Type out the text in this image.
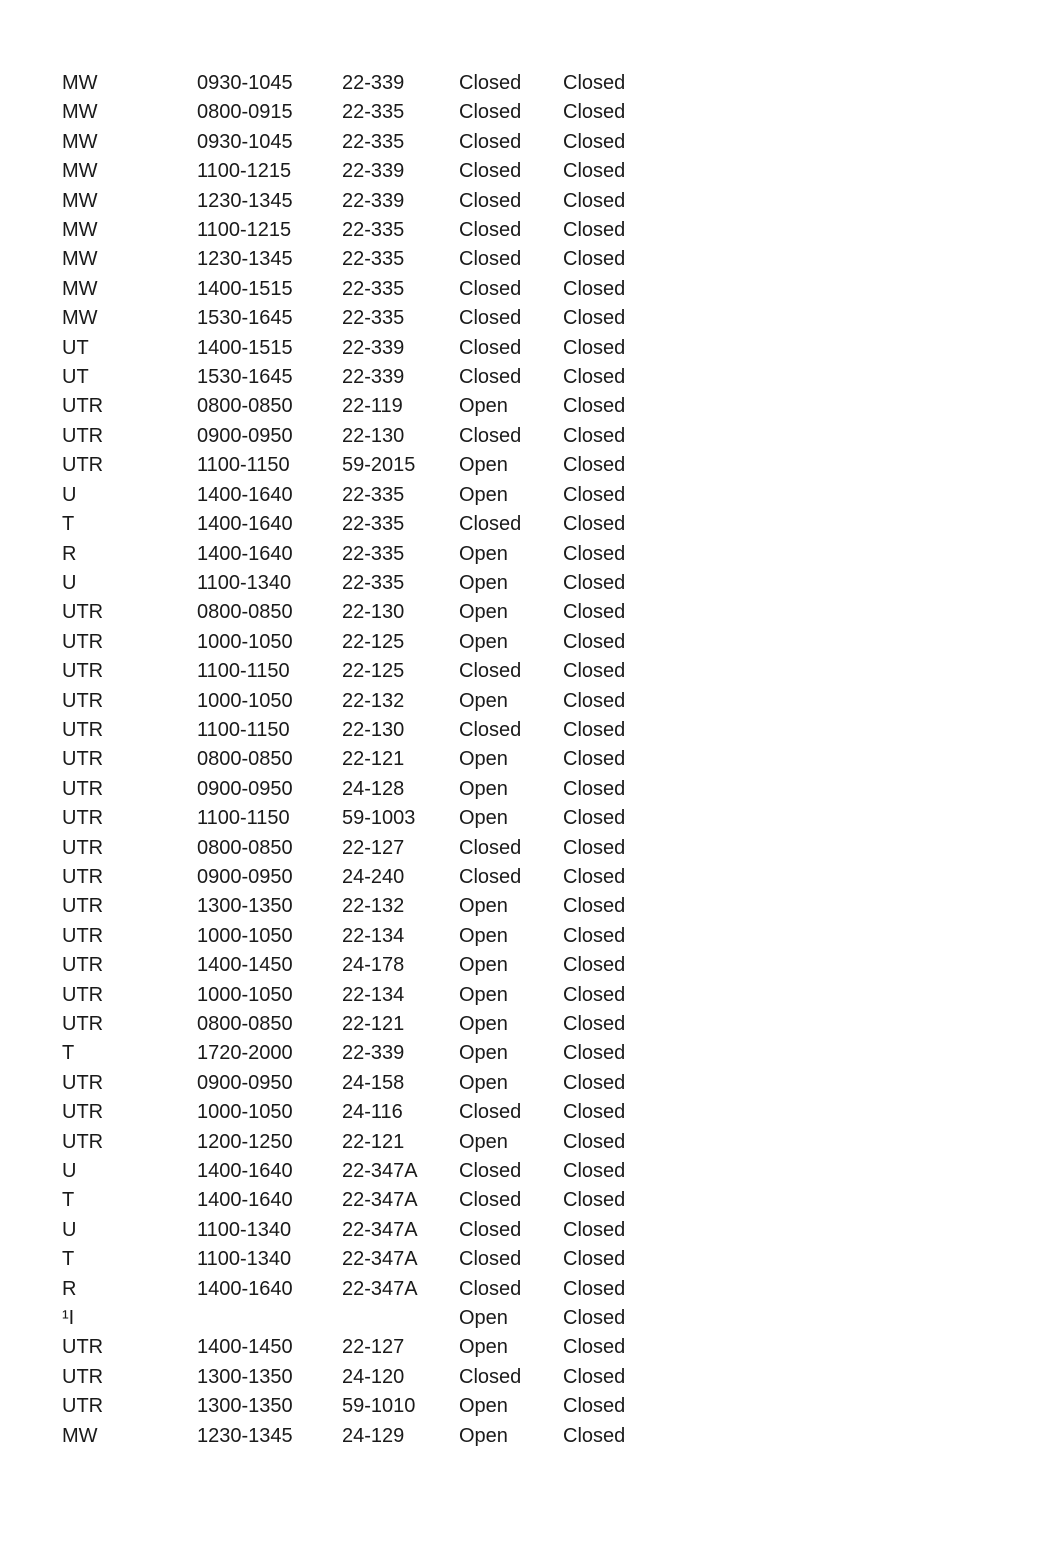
MW	0930-1045	22-339	Closed	Closed
MW	0800-0915	22-335	Closed	Closed
MW	0930-1045	22-335	Closed	Closed
MW	1100-1215	22-339	Closed	Closed
MW	1230-1345	22-339	Closed	Closed
MW	1100-1215	22-335	Closed	Closed
MW	1230-1345	22-335	Closed	Closed
MW	1400-1515	22-335	Closed	Closed
MW	1530-1645	22-335	Closed	Closed
UT	1400-1515	22-339	Closed	Closed
UT	1530-1645	22-339	Closed	Closed
UTR	0800-0850	22-119	Open	Closed
UTR	0900-0950	22-130	Closed	Closed
UTR	1100-1150	59-2015	Open	Closed
U	1400-1640	22-335	Open	Closed
T	1400-1640	22-335	Closed	Closed
R	1400-1640	22-335	Open	Closed
U	1100-1340	22-335	Open	Closed
UTR	0800-0850	22-130	Open	Closed
UTR	1000-1050	22-125	Open	Closed
UTR	1100-1150	22-125	Closed	Closed
UTR	1000-1050	22-132	Open	Closed
UTR	1100-1150	22-130	Closed	Closed
UTR	0800-0850	22-121	Open	Closed
UTR	0900-0950	24-128	Open	Closed
UTR	1100-1150	59-1003	Open	Closed
UTR	0800-0850	22-127	Closed	Closed
UTR	0900-0950	24-240	Closed	Closed
UTR	1300-1350	22-132	Open	Closed
UTR	1000-1050	22-134	Open	Closed
UTR	1400-1450	24-178	Open	Closed
UTR	1000-1050	22-134	Open	Closed
UTR	0800-0850	22-121	Open	Closed
T	1720-2000	22-339	Open	Closed
UTR	0900-0950	24-158	Open	Closed
UTR	1000-1050	24-116	Closed	Closed
UTR	1200-1250	22-121	Open	Closed
U	1400-1640	22-347A	Closed	Closed
T	1400-1640	22-347A	Closed	Closed
U	1100-1340	22-347A	Closed	Closed
T	1100-1340	22-347A	Closed	Closed
R	1400-1640	22-347A	Closed	Closed
¹I			Open	Closed
UTR	1400-1450	22-127	Open	Closed
UTR	1300-1350	24-120	Closed	Closed
UTR	1300-1350	59-1010	Open	Closed
MW	1230-1345	24-129	Open	Closed
